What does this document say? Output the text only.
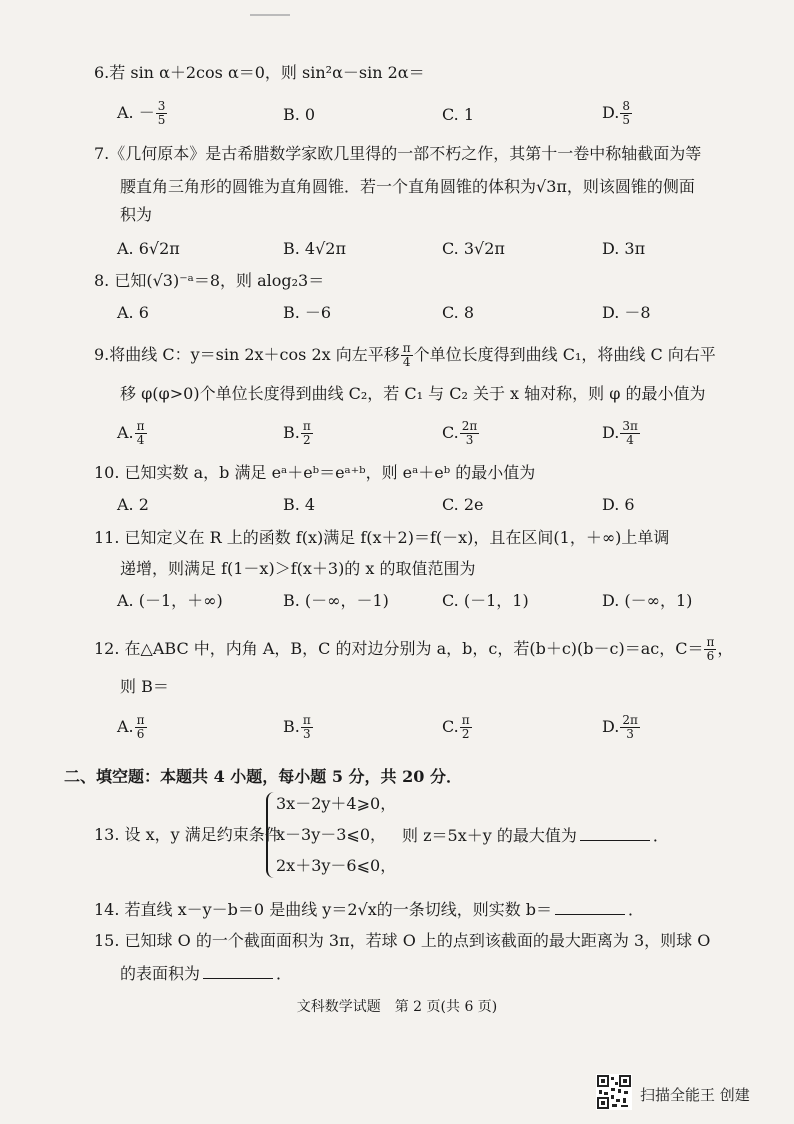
6.若 sin α＋2cos α＝0，则 sin²α－sin 2α＝
A. － $\frac{3}{5}$	B. 0	C. 1	D. $\frac{8}{5}$
7.《几何原本》是古希腊数学家欧几里得的一部不朽之作，其第十一卷中称轴截面为等
腰直角三角形的圆锥为直角圆锥．若一个直角圆锥的体积为√3π，则该圆锥的侧面
积为
A. 6√2π	B. 4√2π	C. 3√2π	D. 3π
8. 已知(√3)⁻ᵃ＝8，则 alog₂3＝
A. 6	B. －6	C. 8	D. －8
9.将曲线 C：y＝sin 2x＋cos 2x 向左平移 $\frac{\pi}{4}$ 个单位长度得到曲线 C₁，将曲线 C 向右平
移 φ(φ>0)个单位长度得到曲线 C₂，若 C₁ 与 C₂ 关于 x 轴对称，则 φ 的最小值为
A. $\frac{\pi}{4}$	B. $\frac{\pi}{2}$	C. $\frac{2\pi}{3}$	D. $\frac{3\pi}{4}$
10. 已知实数 a，b 满足 eᵃ＋eᵇ＝eᵃ⁺ᵇ，则 eᵃ＋eᵇ 的最小值为
A. 2	B. 4	C. 2e	D. 6
11. 已知定义在 R 上的函数 f(x)满足 f(x＋2)＝f(－x)，且在区间(1，＋∞)上单调
递增，则满足 f(1－x)＞f(x＋3)的 x 的取值范围为
A. (－1，＋∞)	B. (－∞，－1)	C. (－1，1)	D. (－∞，1)
12. 在△ABC 中，内角 A，B，C 的对边分别为 a，b，c，若(b＋c)(b－c)＝ac，$C= \frac{\pi}{6}$ ，
则 B＝
A. $\frac{\pi}{6}$	B. $\frac{\pi}{3}$	C. $\frac{\pi}{2}$	D. $\frac{2\pi}{3}$
二、填空题：本题共 4 小题，每小题 5 分，共 20 分．
13. 设 x，y 满足约束条件
3x－2y＋4⩾0，
x－3y－3⩽0，
2x＋3y－6⩽0，
则 z＝5x＋y 的最大值为	．
14. 若直线 x－y－b＝0 是曲线 y＝2√x的一条切线，则实数 b＝	．
15. 已知球 O 的一个截面面积为 3π，若球 O 上的点到该截面的最大距离为 3，则球 O
的表面积为	．
文科数学试题　第 2 页(共 6 页)
扫描全能王 创建
